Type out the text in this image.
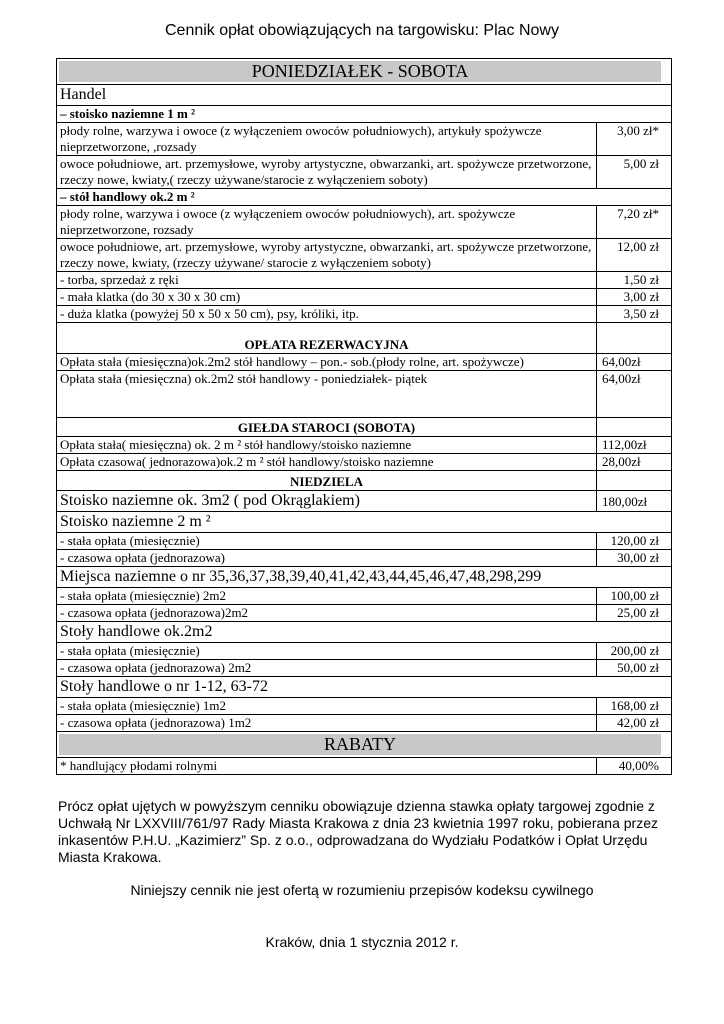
Cennik opłat obowiązujących na targowisku: Plac Nowy
PONIEDZIAŁEK - SOBOTA	

Handel	
– stoisko naziemne 1 m ²	
płody rolne, warzywa i owoce (z wyłączeniem owoców południowych), artykuły spożywcze nieprzetworzone, ,rozsady	3,00 zł*
owoce południowe, art. przemysłowe, wyroby artystyczne, obwarzanki, art. spożywcze przetworzone, rzeczy nowe, kwiaty,( rzeczy używane/starocie z wyłączeniem soboty)	5,00 zł
– stół handlowy ok.2 m ²	
płody rolne, warzywa i owoce (z wyłączeniem owoców południowych), art. spożywcze nieprzetworzone, rozsady	7,20 zł*
owoce południowe, art. przemysłowe, wyroby artystyczne, obwarzanki, art. spożywcze przetworzone, rzeczy nowe, kwiaty, (rzeczy używane/ starocie z wyłączeniem soboty)	12,00 zł
- torba, sprzedaż z ręki	1,50 zł
- mała klatka (do 30 x 30 x 30 cm)	3,00 zł
- duża klatka (powyżej 50 x 50 x 50 cm), psy, króliki, itp.	3,50 zł
OPŁATA REZERWACYJNA	
Opłata stała (miesięczna)ok.2m2 stół handlowy – pon.- sob.(płody rolne, art. spożywcze)	64,00zł
Opłata stała (miesięczna) ok.2m2 stół handlowy - poniedziałek- piątek	64,00zł
GIEŁDA STAROCI (SOBOTA)	
Opłata stała( miesięczna) ok. 2 m ² stół handlowy/stoisko naziemne	112,00zł
Opłata czasowa( jednorazowa)ok.2 m ² stół handlowy/stoisko naziemne	28,00zł
NIEDZIELA	
Stoisko naziemne ok. 3m2 ( pod Okrąglakiem)	180,00zł
Stoisko naziemne 2 m ²	
- stała opłata (miesięcznie)	120,00 zł
- czasowa opłata (jednorazowa)	30,00 zł
Miejsca naziemne o nr 35,36,37,38,39,40,41,42,43,44,45,46,47,48,298,299	
- stała opłata (miesięcznie) 2m2	100,00 zł
- czasowa opłata (jednorazowa)2m2	25,00 zł
Stoły handlowe ok.2m2	
- stała opłata (miesięcznie)	200,00 zł
- czasowa opłata (jednorazowa) 2m2	50,00 zł
Stoły handlowe o nr 1-12, 63-72	
- stała opłata (miesięcznie) 1m2	168,00 zł
- czasowa opłata (jednorazowa) 1m2	42,00 zł

RABATY	

* handlujący płodami rolnymi	40,00%
Prócz opłat ujętych w powyższym cenniku obowiązuje dzienna stawka opłaty targowej zgodnie z Uchwałą Nr LXXVIII/761/97 Rady Miasta Krakowa z dnia 23 kwietnia 1997 roku, pobierana przez inkasentów P.H.U. „Kazimierz” Sp. z o.o., odprowadzana do Wydziału Podatków i Opłat Urzędu Miasta Krakowa.
Niniejszy cennik nie jest ofertą w rozumieniu przepisów kodeksu cywilnego
Kraków, dnia 1 stycznia 2012 r.
